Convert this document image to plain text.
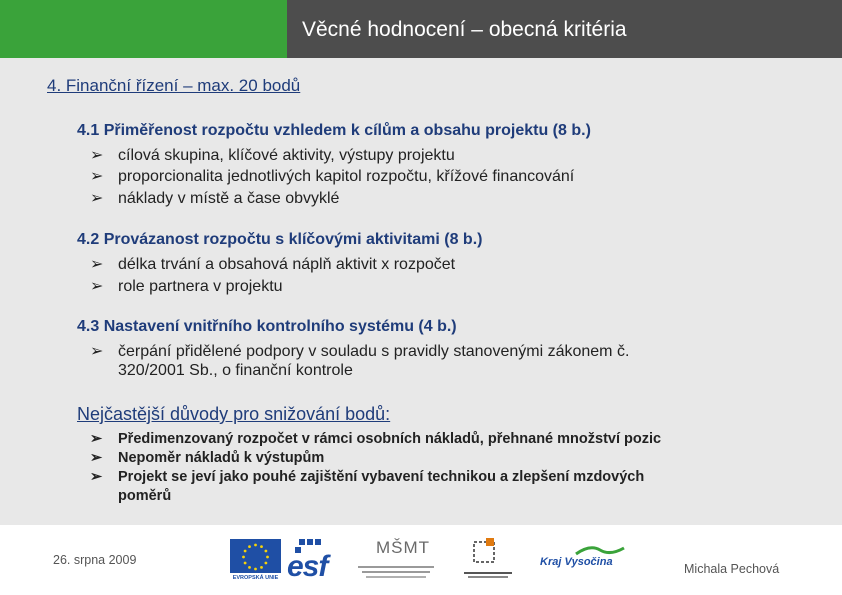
Věcné hodnocení – obecná kritéria
4. Finanční řízení – max. 20 bodů
4.1 Přiměřenost rozpočtu vzhledem k cílům a obsahu projektu (8 b.)
➢ cílová skupina, klíčové aktivity, výstupy projektu
➢ proporcionalita jednotlivých kapitol rozpočtu, křížové financování
➢ náklady v místě a čase obvyklé
4.2 Provázanost rozpočtu s klíčovými aktivitami (8 b.)
➢ délka trvání a obsahová náplň aktivit x rozpočet
➢ role partnera v projektu
4.3 Nastavení vnitřního kontrolního systému (4 b.)
➢ čerpání přidělené podpory v souladu s pravidly stanovenými zákonem č.
320/2001 Sb., o finanční kontrole
Nejčastější důvody pro snižování bodů:
➢ Předimenzovaný rozpočet v rámci osobních nákladů, přehnané množství pozic
➢ Nepoměr nákladů k výstupům
➢ Projekt se jeví jako pouhé zajištění vybavení technikou a zlepšení mzdových
poměrů
26. srpna 2009
EVROPSKÁ UNIE esf
MŠMT
Kraj Vysočina	Michala Pechová
